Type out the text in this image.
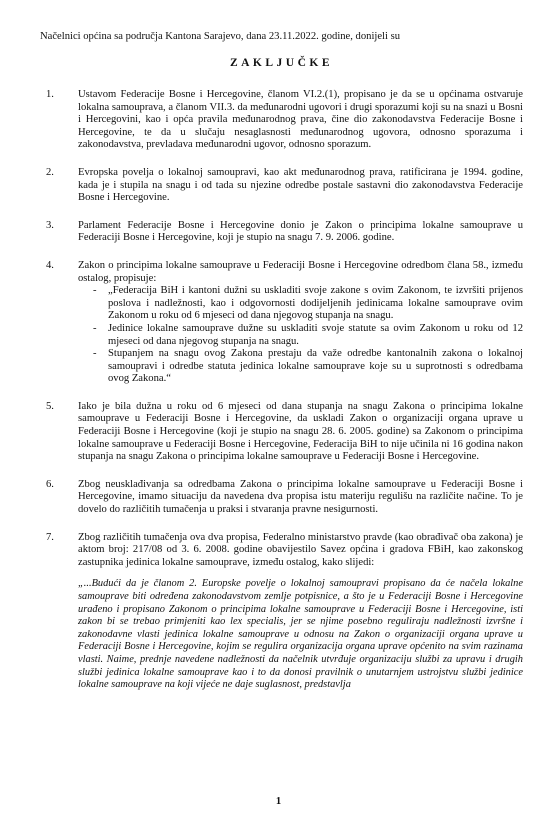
Načelnici općina sa područja Kantona Sarajevo, dana 23.11.2022. godine, donijeli su

ZAKLJUČKE
1. Ustavom Federacije Bosne i Hercegovine, članom VI.2.(1), propisano je da se u općinama ostvaruje lokalna samouprava, a članom VII.3. da međunarodni ugovori i drugi sporazumi koji su na snazi u Bosni i Hercegovini, kao i opća pravila međunarodnog prava, čine dio zakonodavstva Federacije Bosne i Hercegovine, te da u slučaju nesaglasnosti međunarodnog ugovora, odnosno sporazuma i zakonodavstva, prevladava međunarodni ugovor, odnosno sporazum.
2. Evropska povelja o lokalnoj samoupravi, kao akt međunarodnog prava, ratificirana je 1994. godine, kada je i stupila na snagu i od tada su njezine odredbe postale sastavni dio zakonodavstva Federacije Bosne i Hercegovine.
3. Parlament Federacije Bosne i Hercegovine donio je Zakon o principima lokalne samouprave u Federaciji Bosne i Hercegovine, koji je stupio na snagu 7. 9. 2006. godine.
4. Zakon o principima lokalne samouprave u Federaciji Bosne i Hercegovine odredbom člana 58., između ostalog, propisuje:
- „Federacija BiH i kantoni dužni su uskladiti svoje zakone s ovim Zakonom, te izvršiti prijenos poslova i nadležnosti, kao i odgovornosti dodijeljenih jedinicama lokalne samouprave ovim Zakonom u roku od 6 mjeseci od dana njegovog stupanja na snagu.
- Jedinice lokalne samouprave dužne su uskladiti svoje statute sa ovim Zakonom u roku od 12 mjeseci od dana njegovog stupanja na snagu.
- Stupanjem na snagu ovog Zakona prestaju da važe odredbe kantonalnih zakona o lokalnoj samoupravi i odredbe statuta jedinica lokalne samouprave koje su u suprotnosti s odredbama ovog Zakona.“
5. Iako je bila dužna u roku od 6 mjeseci od dana stupanja na snagu Zakona o principima lokalne samouprave u Federaciji Bosne i Hercegovine, da uskladi Zakon o organizaciji organa uprave u Federaciji Bosne i Hercegovine (koji je stupio na snagu 28. 6. 2005. godine) sa Zakonom o principima lokalne samouprave u Federaciji Bosne i Hercegovine, Federacija BiH to nije učinila ni 16 godina nakon stupanja na snagu Zakona o principima lokalne samouprave u Federaciji Bosne i Hercegovine.
6. Zbog neusklađivanja sa odredbama Zakona o principima lokalne samouprave u Federaciji Bosne i Hercegovine, imamo situaciju da navedena dva propisa istu materiju regulišu na različite načine. To je dovelo do različitih tumačenja u praksi i stvaranja pravne nesigurnosti.
7. Zbog različitih tumačenja ova dva propisa, Federalno ministarstvo pravde (kao obrađivač oba zakona) je aktom broj: 217/08 od 3. 6. 2008. godine obavijestilo Savez općina i gradova FBiH, kao zakonskog zastupnika jedinica lokalne samouprave, između ostalog, kako slijedi:
„...Budući da je članom 2. Europske povelje o lokalnoj samoupravi propisano da će načela lokalne samouprave biti određena zakonodavstvom zemlje potpisnice, a što je u Federaciji Bosne i Hercegovine urađeno i propisano Zakonom o principima lokalne samouprave u Federaciji Bosne i Hercegovine, isti zakon bi se trebao primjeniti kao lex specialis, jer se njime posebno reguliraju nadležnosti izvršne i zakonodavne vlasti jedinica lokalne samouprave u odnosu na Zakon o organizaciji organa uprave u Federaciji Bosne i Hercegovine, kojim se regulira organizacija organa uprave općenito na svim razinama vlasti. Naime, prednje navedene nadležnosti da načelnik utvrđuje organizaciju službi za upravu i drugih službi jedinica lokalne samouprave kao i to da donosi pravilnik o unutarnjem ustrojstvu službi jedinice lokalne samouprave na koji vijeće ne daje suglasnost, predstavlja
1
